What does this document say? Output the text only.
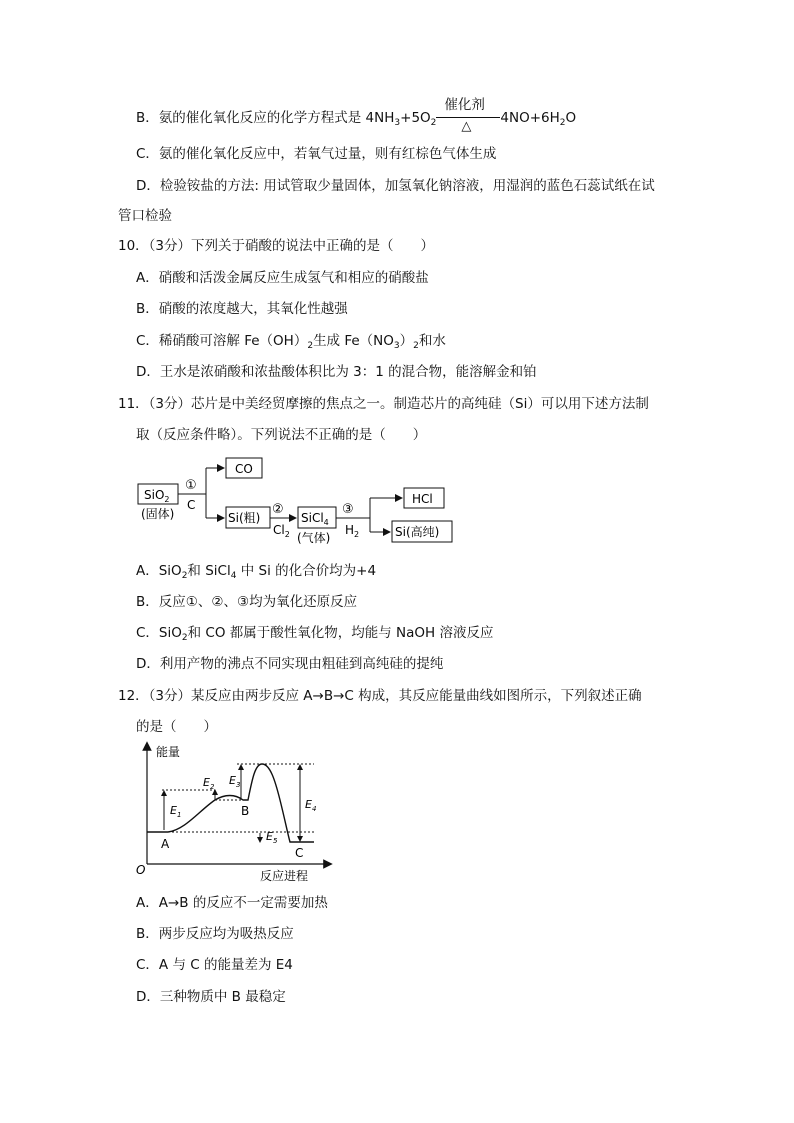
B．氨的催化氧化反应的化学方程式是 $4NH_3+5O_2$
催化剂
△
$4NO+6H_2O$
C．氨的催化氧化反应中，若氧气过量，则有红棕色气体生成
D．检验铵盐的方法: 用试管取少量固体，加氢氧化钠溶液，用湿润的蓝色石蕊试纸在试
管口检验
10．（3分）下列关于硝酸的说法中正确的是（　　）
A．硝酸和活泼金属反应生成氢气和相应的硝酸盐
B．硝酸的浓度越大，其氧化性越强
C．稀硝酸可溶解 $Fe(OH)_2$生成 $Fe(NO_3)_2$和水
D．王水是浓硝酸和浓盐酸体积比为 3：1 的混合物，能溶解金和铂
11．（3分）芯片是中美经贸摩擦的焦点之一。制造芯片的高纯硅（Si）可以用下述方法制
取（反应条件略）。下列说法不正确的是（　　）
SiO$_2$
(固体)
①
C
CO
Si(粗)
②
$Cl_2$
SiCl$_4$
(气体)
③
$H_2$
HCl
Si(高纯)
A．SiO$_2$和 SiCl$_4$ 中 Si 的化合价均为+4
B．反应①、②、③均为氧化还原反应
C．SiO$_2$和 CO 都属于酸性氧化物，均能与 NaOH 溶液反应
D．利用产物的沸点不同实现由粗硅到高纯硅的提纯
12．（3分）某反应由两步反应 A→B→C 构成，其反应能量曲线如图所示，下列叙述正确
的是（　　）
能量
反应进程
O
$E_1$
$E_2$ $E_3$
$E_4$
$E_5$
A
B
C
A．A→B 的反应不一定需要加热
B．两步反应均为吸热反应
C．A 与 C 的能量差为 E4
D．三种物质中 B 最稳定
